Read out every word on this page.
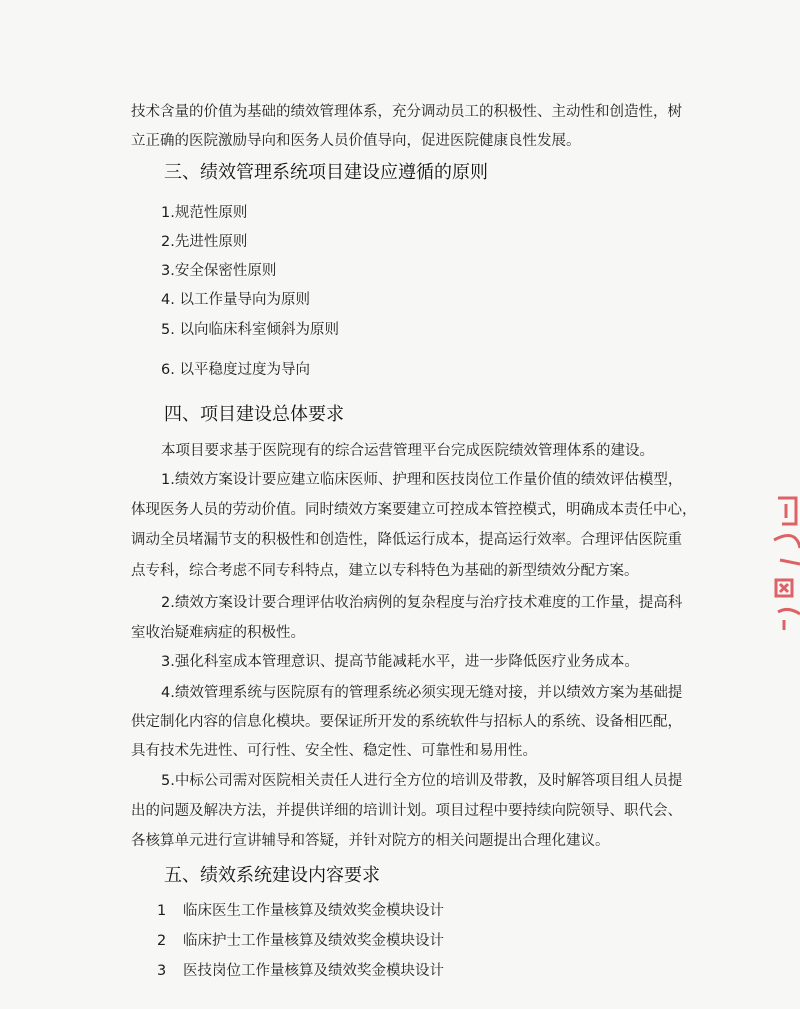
技术含量的价值为基础的绩效管理体系，充分调动员工的积极性、主动性和创造性，树
立正确的医院激励导向和医务人员价值导向，促进医院健康良性发展。
三、绩效管理系统项目建设应遵循的原则
1.规范性原则
2.先进性原则
3.安全保密性原则
4. 以工作量导向为原则
5. 以向临床科室倾斜为原则
6. 以平稳度过度为导向
四、项目建设总体要求
本项目要求基于医院现有的综合运营管理平台完成医院绩效管理体系的建设。
1.绩效方案设计要应建立临床医师、护理和医技岗位工作量价值的绩效评估模型，
体现医务人员的劳动价值。同时绩效方案要建立可控成本管控模式，明确成本责任中心，
调动全员堵漏节支的积极性和创造性，降低运行成本，提高运行效率。合理评估医院重
点专科，综合考虑不同专科特点，建立以专科特色为基础的新型绩效分配方案。
2.绩效方案设计要合理评估收治病例的复杂程度与治疗技术难度的工作量，提高科
室收治疑难病症的积极性。
3.强化科室成本管理意识、提高节能减耗水平，进一步降低医疗业务成本。
4.绩效管理系统与医院原有的管理系统必须实现无缝对接，并以绩效方案为基础提
供定制化内容的信息化模块。要保证所开发的系统软件与招标人的系统、设备相匹配，
具有技术先进性、可行性、安全性、稳定性、可靠性和易用性。
5.中标公司需对医院相关责任人进行全方位的培训及带教，及时解答项目组人员提
出的问题及解决方法，并提供详细的培训计划。项目过程中要持续向院领导、职代会、
各核算单元进行宣讲辅导和答疑，并针对院方的相关问题提出合理化建议。
五、绩效系统建设内容要求
1 临床医生工作量核算及绩效奖金模块设计
2 临床护士工作量核算及绩效奖金模块设计
3 医技岗位工作量核算及绩效奖金模块设计
